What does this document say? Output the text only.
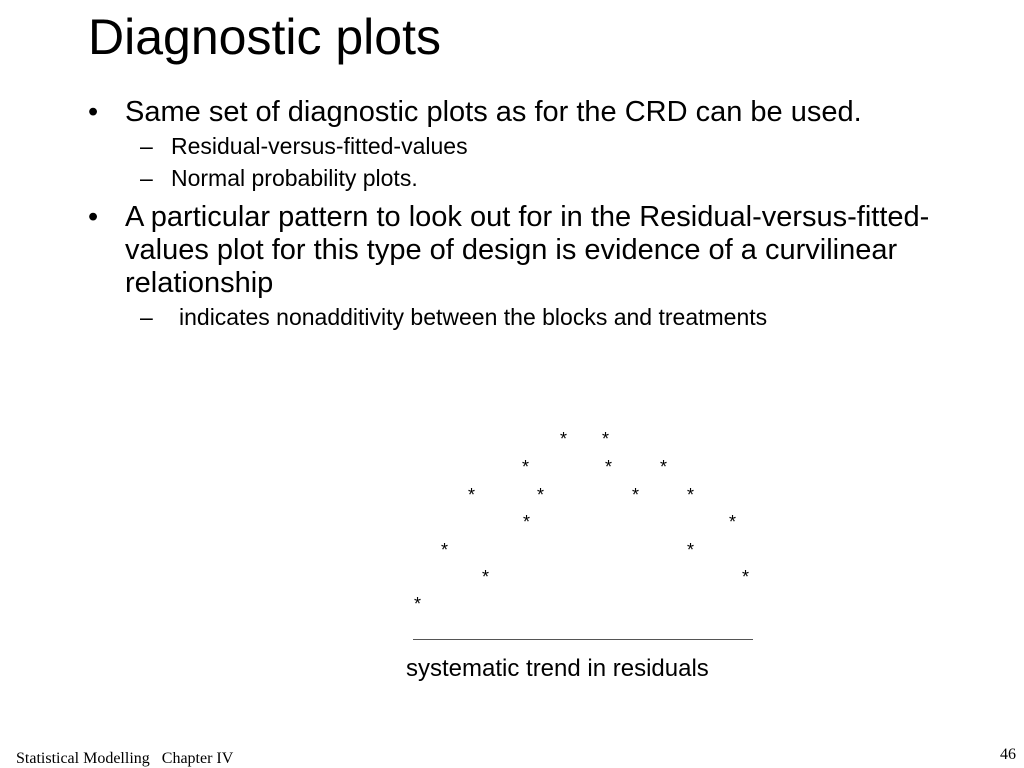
Diagnostic plots
• Same set of diagnostic plots as for the CRD can be used.
– Residual-versus-fitted-values
– Normal probability plots.
• A particular pattern to look out for in the Residual-versus-fitted-values plot for this type of design is evidence of a curvilinear relationship
– indicates nonadditivity between the blocks and treatments
* *
*	*	*
*	*	*	*
*	*
*	*
*	*
*
systematic trend in residuals
Statistical Modelling   Chapter IV	46
